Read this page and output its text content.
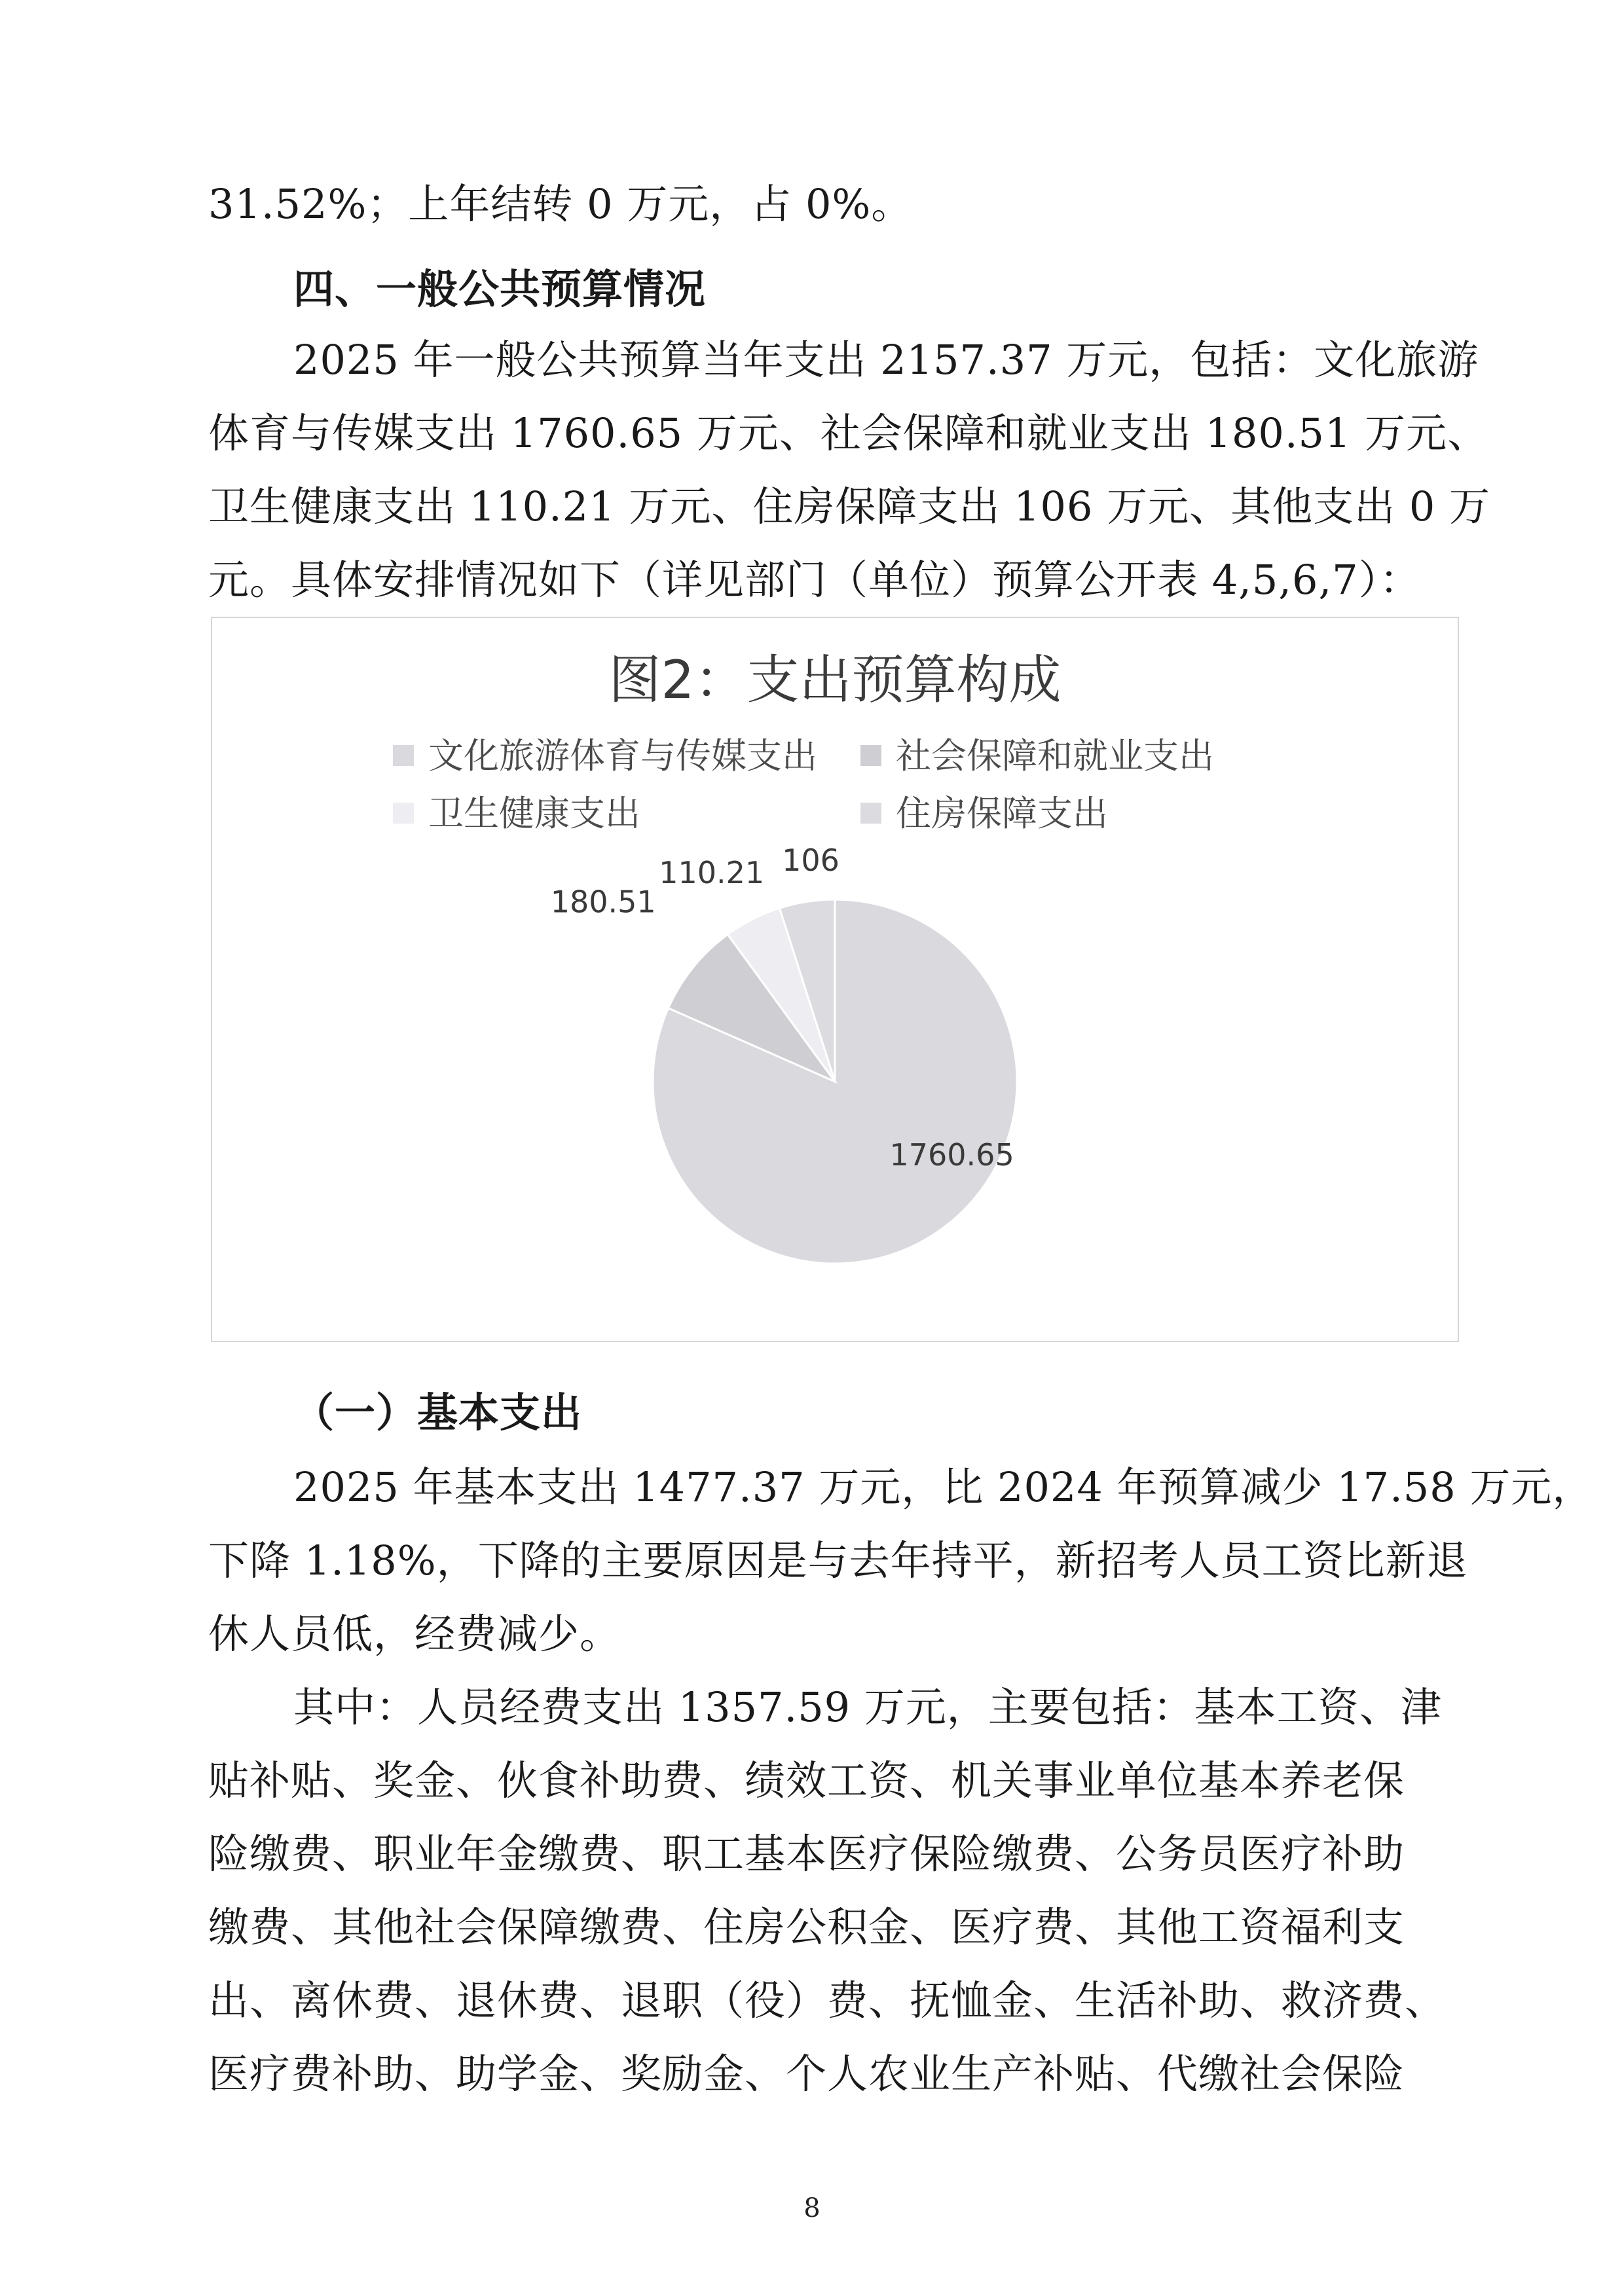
31.52%；上年结转 0 万元，占 0%。
四、一般公共预算情况
2025 年一般公共预算当年支出 2157.37 万元，包括：文化旅游
体育与传媒支出 1760.65 万元、社会保障和就业支出 180.51 万元、
卫生健康支出 110.21 万元、住房保障支出 106 万元、其他支出 0 万
元。具体安排情况如下（详见部门（单位）预算公开表 4,5,6,7）：
图2：支出预算构成
文化旅游体育与传媒支出	社会保障和就业支出
卫生健康支出	住房保障支出
1760.65
180.51
110.21 106
（一）基本支出
2025 年基本支出 1477.37 万元，比 2024 年预算减少 17.58 万元，
下降 1.18%，下降的主要原因是与去年持平，新招考人员工资比新退
休人员低，经费减少。
其中：人员经费支出 1357.59 万元，主要包括：基本工资、津
贴补贴、奖金、伙食补助费、绩效工资、机关事业单位基本养老保
险缴费、职业年金缴费、职工基本医疗保险缴费、公务员医疗补助
缴费、其他社会保障缴费、住房公积金、医疗费、其他工资福利支
出、离休费、退休费、退职（役）费、抚恤金、生活补助、救济费、
医疗费补助、助学金、奖励金、个人农业生产补贴、代缴社会保险
8
